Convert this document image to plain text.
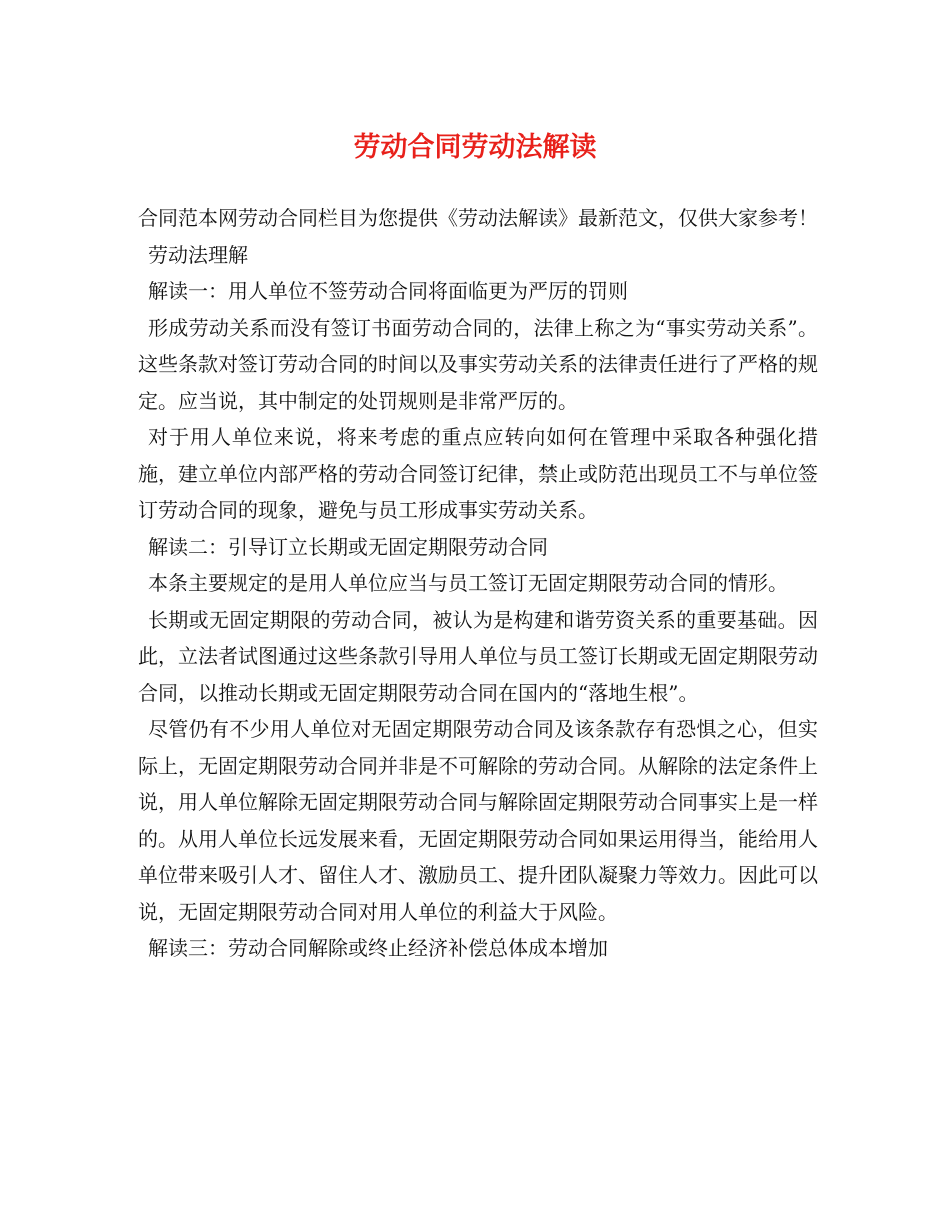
劳动合同劳动法解读

合同范本网劳动合同栏目为您提供《劳动法解读》最新范文，仅供大家参考！

劳动法理解

解读一：用人单位不签劳动合同将面临更为严厉的罚则

形成劳动关系而没有签订书面劳动合同的，法律上称之为“事实劳动关系”。这些条款对签订劳动合同的时间以及事实劳动关系的法律责任进行了严格的规定。应当说，其中制定的处罚规则是非常严厉的。

对于用人单位来说，将来考虑的重点应转向如何在管理中采取各种强化措施，建立单位内部严格的劳动合同签订纪律，禁止或防范出现员工不与单位签订劳动合同的现象，避免与员工形成事实劳动关系。

解读二：引导订立长期或无固定期限劳动合同

本条主要规定的是用人单位应当与员工签订无固定期限劳动合同的情形。

长期或无固定期限的劳动合同，被认为是构建和谐劳资关系的重要基础。因此，立法者试图通过这些条款引导用人单位与员工签订长期或无固定期限劳动合同，以推动长期或无固定期限劳动合同在国内的“落地生根”。

尽管仍有不少用人单位对无固定期限劳动合同及该条款存有恐惧之心，但实际上，无固定期限劳动合同并非是不可解除的劳动合同。从解除的法定条件上说，用人单位解除无固定期限劳动合同与解除固定期限劳动合同事实上是一样的。从用人单位长远发展来看，无固定期限劳动合同如果运用得当，能给用人单位带来吸引人才、留住人才、激励员工、提升团队凝聚力等效力。因此可以说，无固定期限劳动合同对用人单位的利益大于风险。

解读三：劳动合同解除或终止经济补偿总体成本增加
